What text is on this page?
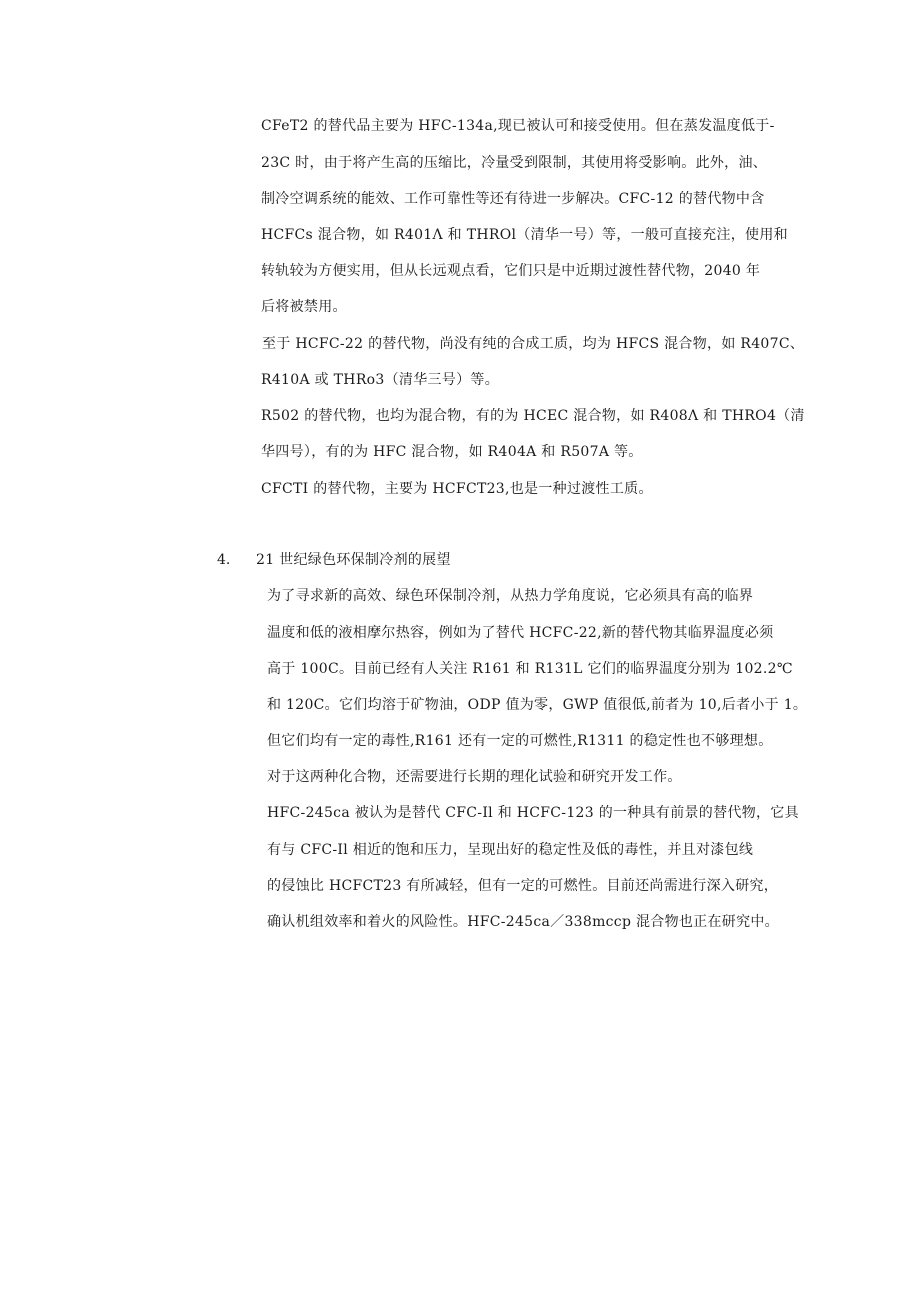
CFeT2 的替代品主要为 HFC-134a,现已被认可和接受使用。但在蒸发温度低于-
23C 时，由于将产生高的压缩比，冷量受到限制，其使用将受影响。此外，油、
制冷空调系统的能效、工作可靠性等还有待进一步解决。CFC-12 的替代物中含
HCFCs 混合物，如 R401Λ 和 THROl（清华一号）等，一般可直接充注，使用和
转轨较为方便实用，但从长远观点看，它们只是中近期过渡性替代物，2040 年
后将被禁用。
至于 HCFC-22 的替代物，尚没有纯的合成工质，均为 HFCS 混合物，如 R407C、
R410A 或 THRo3（清华三号）等。
R502 的替代物，也均为混合物，有的为 HCEC 混合物，如 R408Λ 和 THRO4（清
华四号），有的为 HFC 混合物，如 R404A 和 R507A 等。
CFCTI 的替代物，主要为 HCFCT23,也是一种过渡性工质。
4. 21 世纪绿色环保制冷剂的展望
为了寻求新的高效、绿色环保制冷剂，从热力学角度说，它必须具有高的临界
温度和低的液相摩尔热容，例如为了替代 HCFC-22,新的替代物其临界温度必须
高于 100C。目前已经有人关注 R161 和 R131L 它们的临界温度分别为 102.2℃
和 120C。它们均溶于矿物油，ODP 值为零，GWP 值很低,前者为 10,后者小于 1。
但它们均有一定的毒性,R161 还有一定的可燃性,R1311 的稳定性也不够理想。
对于这两种化合物，还需要进行长期的理化试验和研究开发工作。
HFC-245ca 被认为是替代 CFC-Il 和 HCFC-123 的一种具有前景的替代物，它具
有与 CFC-Il 相近的饱和压力，呈现出好的稳定性及低的毒性，并且对漆包线
的侵蚀比 HCFCT23 有所减轻，但有一定的可燃性。目前还尚需进行深入研究，
确认机组效率和着火的风险性。HFC-245ca／338mccp 混合物也正在研究中。
